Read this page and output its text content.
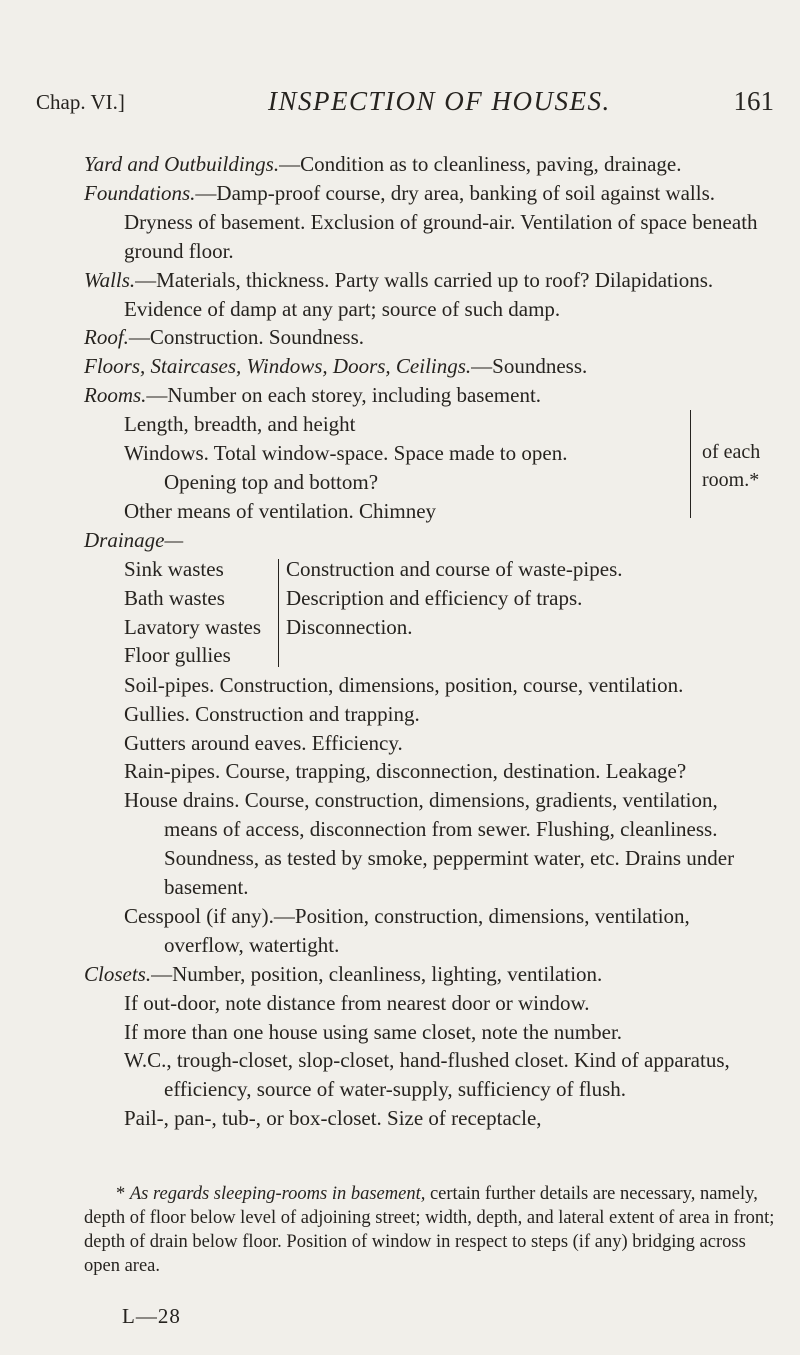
Chap. VI.]	INSPECTION OF HOUSES.	161

Yard and Outbuildings.—Condition as to cleanliness, paving, drainage.

Foundations.—Damp-proof course, dry area, banking of soil against walls. Dryness of basement. Exclusion of ground-air. Ventilation of space beneath ground floor.

Walls.—Materials, thickness. Party walls carried up to roof? Dilapidations. Evidence of damp at any part; source of such damp.

Roof.—Construction. Soundness.

Floors, Staircases, Windows, Doors, Ceilings.—Soundness.

Rooms.—Number on each storey, including basement.

Length, breadth, and height

Windows. Total window-space. Space made to open. Opening top and bottom?

Other means of ventilation. Chimney

of each room.*

Drainage—

Sink wastes
Bath wastes
Lavatory wastes
Floor gullies
Construction and course of waste-pipes.
Description and efficiency of traps.
Disconnection.

Soil-pipes. Construction, dimensions, position, course, ventilation.

Gullies. Construction and trapping.

Gutters around eaves. Efficiency.

Rain-pipes. Course, trapping, disconnection, destination. Leakage?

House drains. Course, construction, dimensions, gradients, ventilation, means of access, disconnection from sewer. Flushing, cleanliness. Soundness, as tested by smoke, peppermint water, etc. Drains under basement.

Cesspool (if any).—Position, construction, dimensions, ventilation, overflow, watertight.

Closets.—Number, position, cleanliness, lighting, ventilation.

If out-door, note distance from nearest door or window.

If more than one house using same closet, note the number.

W.C., trough-closet, slop-closet, hand-flushed closet. Kind of apparatus, efficiency, source of water-supply, sufficiency of flush.

Pail-, pan-, tub-, or box-closet. Size of receptacle,

* As regards sleeping-rooms in basement, certain further details are necessary, namely, depth of floor below level of adjoining street; width, depth, and lateral extent of area in front; depth of drain below floor. Position of window in respect to steps (if any) bridging across open area.

L—28
